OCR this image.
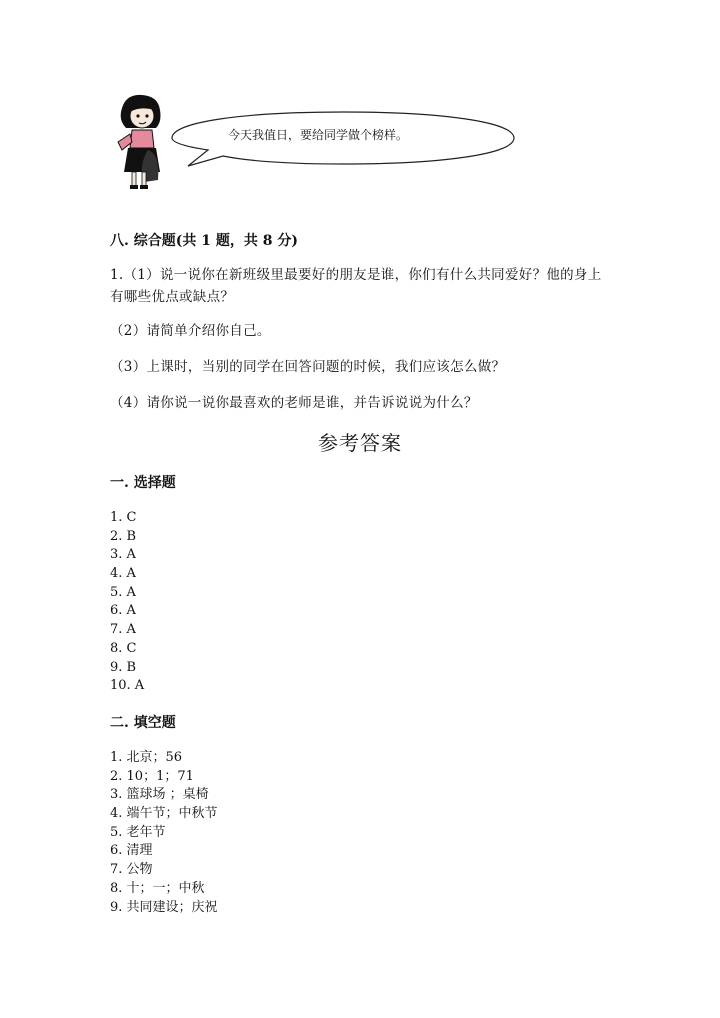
今天我值日，要给同学做个榜样。
八. 综合题(共 1 题，共 8 分)
1.（1）说一说你在新班级里最要好的朋友是谁，你们有什么共同爱好？他的身上有哪些优点或缺点？
（2）请简单介绍你自己。
（3）上课时，当别的同学在回答问题的时候，我们应该怎么做？
（4）请你说一说你最喜欢的老师是谁，并告诉说说为什么？
参考答案
一. 选择题
1. C
2. B
3. A
4. A
5. A
6. A
7. A
8. C
9. B
10. A
二. 填空题
1. 北京；56
2. 10；1；71
3. 篮球场 ；桌椅
4. 端午节；中秋节
5. 老年节
6. 清理
7. 公物
8. 十；一；中秋
9. 共同建设；庆祝
